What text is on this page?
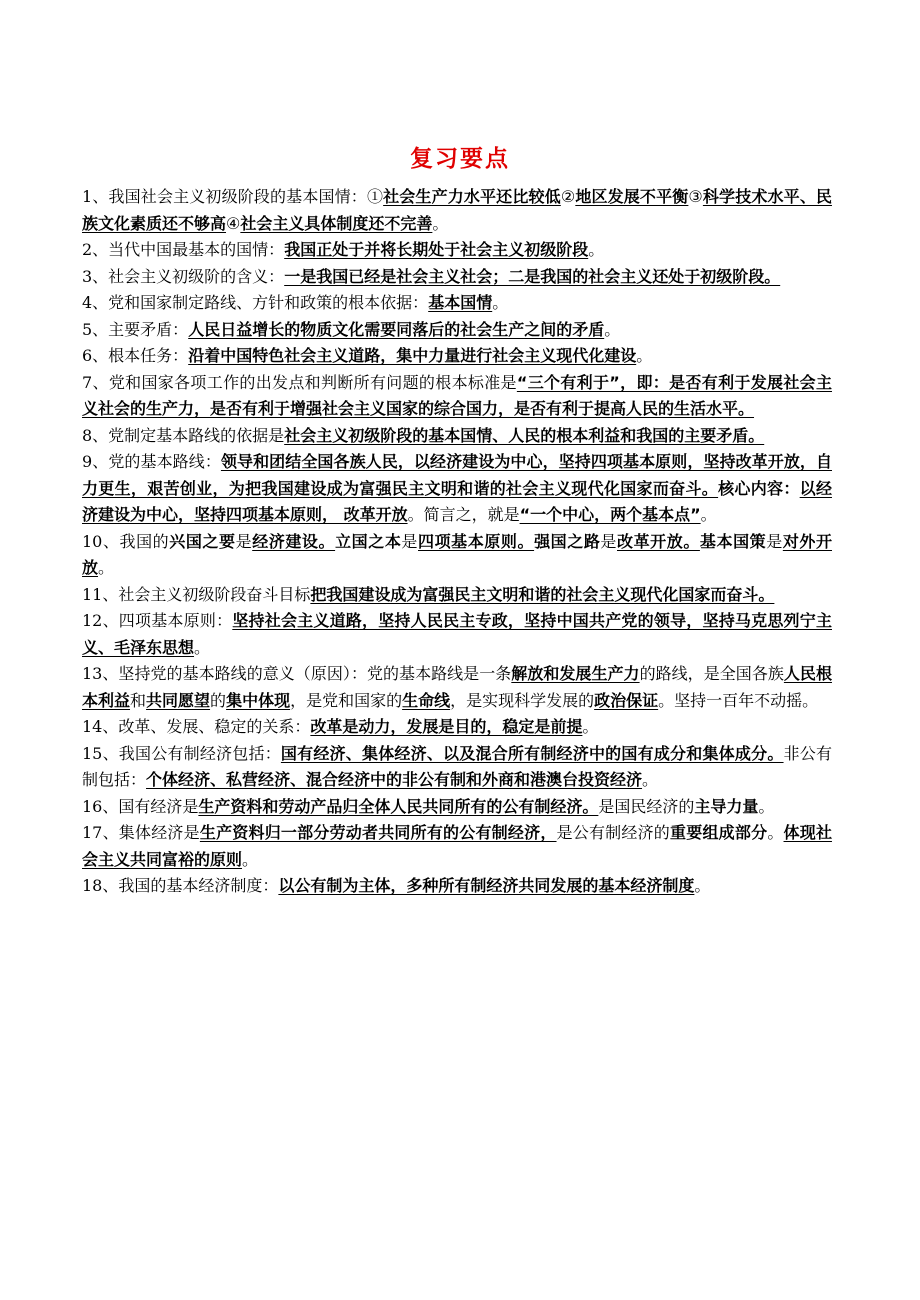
复习要点

1、我国社会主义初级阶段的基本国情：①社会生产力水平还比较低②地区发展不平衡③科学技术水平、民族文化素质还不够高④社会主义具体制度还不完善。

2、当代中国最基本的国情：我国正处于并将长期处于社会主义初级阶段。

3、社会主义初级阶的含义：一是我国已经是社会主义社会；二是我国的社会主义还处于初级阶段。

4、党和国家制定路线、方针和政策的根本依据：基本国情。

5、主要矛盾：人民日益增长的物质文化需要同落后的社会生产之间的矛盾。

6、根本任务：沿着中国特色社会主义道路，集中力量进行社会主义现代化建设。

7、党和国家各项工作的出发点和判断所有问题的根本标准是“三个有利于”，即：是否有利于发展社会主义社会的生产力，是否有利于增强社会主义国家的综合国力，是否有利于提高人民的生活水平。

8、党制定基本路线的依据是社会主义初级阶段的基本国情、人民的根本利益和我国的主要矛盾。

9、党的基本路线：领导和团结全国各族人民，以经济建设为中心，坚持四项基本原则，坚持改革开放，自力更生，艰苦创业，为把我国建设成为富强民主文明和谐的社会主义现代化国家而奋斗。核心内容：以经济建设为中心，坚持四项基本原则， 改革开放。简言之，就是“一个中心，两个基本点”。

10、我国的兴国之要是经济建设。立国之本是四项基本原则。强国之路是改革开放。基本国策是对外开放。

11、社会主义初级阶段奋斗目标把我国建设成为富强民主文明和谐的社会主义现代化国家而奋斗。

12、四项基本原则：坚持社会主义道路，坚持人民民主专政，坚持中国共产党的领导，坚持马克思列宁主义、毛泽东思想。

13、坚持党的基本路线的意义（原因）：党的基本路线是一条解放和发展生产力的路线，是全国各族人民根本利益和共同愿望的集中体现，是党和国家的生命线，是实现科学发展的政治保证。坚持一百年不动摇。

14、改革、发展、稳定的关系：改革是动力，发展是目的，稳定是前提。

15、我国公有制经济包括：国有经济、集体经济、以及混合所有制经济中的国有成分和集体成分。非公有制包括：个体经济、私营经济、混合经济中的非公有制和外商和港澳台投资经济。

16、国有经济是生产资料和劳动产品归全体人民共同所有的公有制经济。是国民经济的主导力量。

17、集体经济是生产资料归一部分劳动者共同所有的公有制经济，是公有制经济的重要组成部分。体现社会主义共同富裕的原则。

18、我国的基本经济制度：以公有制为主体，多种所有制经济共同发展的基本经济制度。
